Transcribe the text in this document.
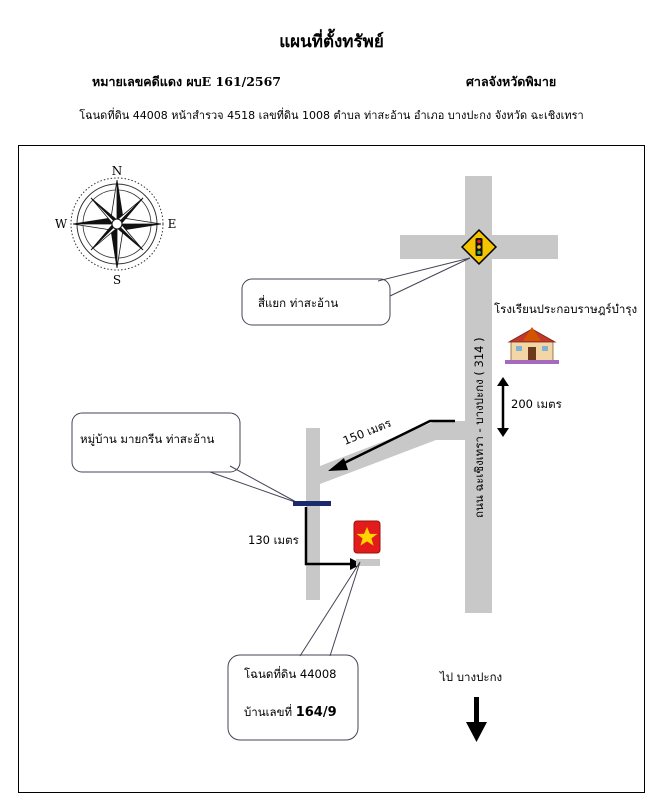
แผนที่ตั้งทรัพย์
หมายเลขคดีแดง ผบE 161/2567	ศาลจังหวัดพิมาย
โฉนดที่ดิน 44008 หน้าสำรวจ 4518 เลขที่ดิน 1008 ตำบล ท่าสะอ้าน อำเภอ บางปะกง จังหวัด ฉะเชิงเทรา
N
S
E
W
สี่แยก ท่าสะอ้าน	โรงเรียนประกอบราษฎร์บำรุง
200 เมตร
ถนน ฉะเชิงเทรา - บางปะกง ( 314 )
150 เมตร
หมู่บ้าน มายกรีน ท่าสะอ้าน
130 เมตร
โฉนดที่ดิน 44008
บ้านเลขที่ 164/9
ไป บางปะกง
